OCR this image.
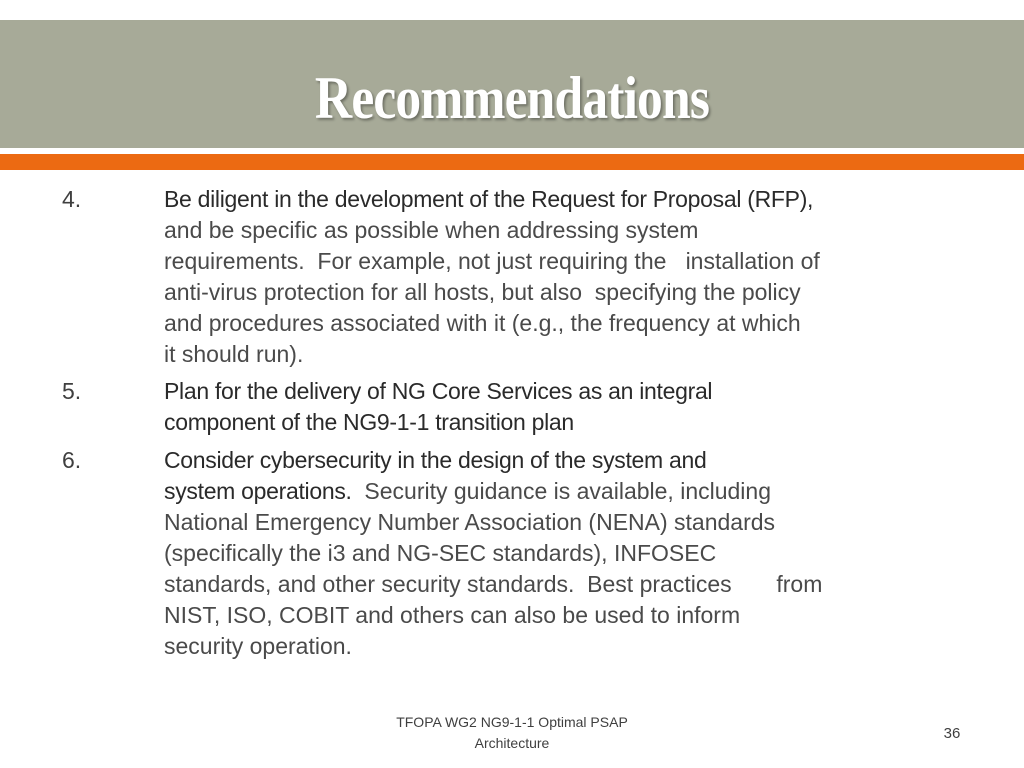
Recommendations
4.	Be diligent in the development of the Request for Proposal (RFP),
and be specific as possible when addressing system
requirements.  For example, not just requiring the   installation of
anti-virus protection for all hosts, but also  specifying the policy
and procedures associated with it (e.g., the frequency at which
it should run).
5.	Plan for the delivery of NG Core Services as an integral
component of the NG9-1-1 transition plan
6.	Consider cybersecurity in the design of the system and
system operations.  Security guidance is available, including
National Emergency Number Association (NENA) standards
(specifically the i3 and NG-SEC standards), INFOSEC
standards, and other security standards.  Best practices       from
NIST, ISO, COBIT and others can also be used to inform
security operation.
TFOPA WG2 NG9-1-1 Optimal PSAP
Architecture
36
